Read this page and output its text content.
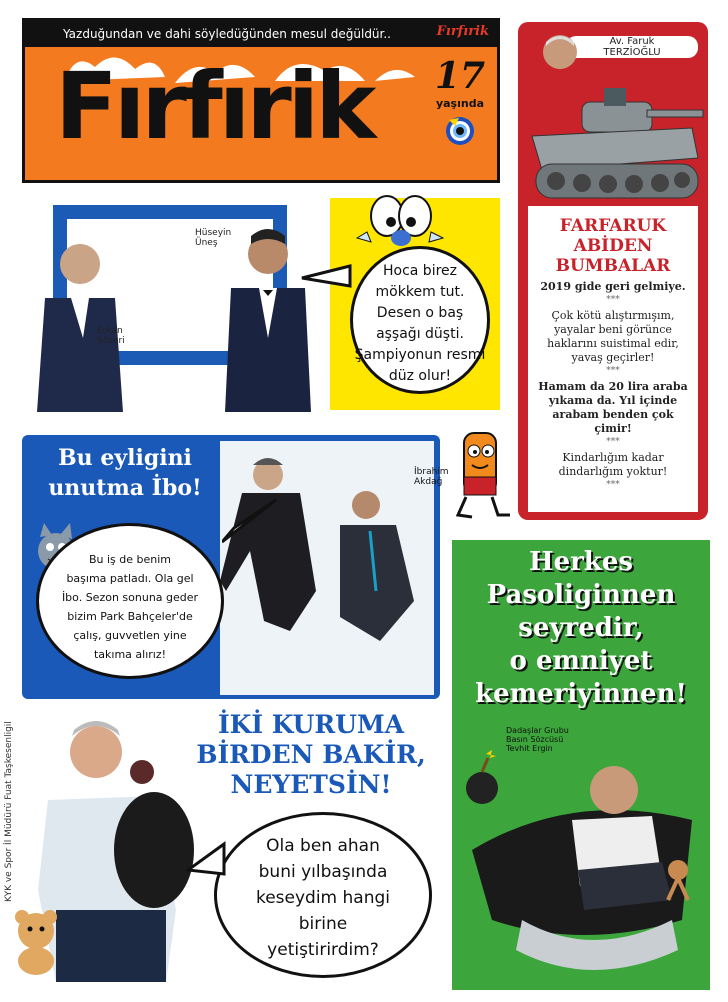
Yazduğundan ve dahi söyledüğünden mesul değüldür..	Fırfırik
Fırfırik 17
yaşında
Av. Faruk
TERZİOĞLU
FARFARUK ABİDEN BUMBALAR
2019 gide geri gelmiye.
***
Çok kötü alıştırmışım, yayalar beni görünce haklarını suistimal edir, yavaş geçirler!
***
Hamam da 20 lira araba yıkama da. Yıl içinde arabam benden çok çimir!
***
Kindarlığım kadar dindarlığım yoktur!
***
Erkan
Sözeri
Hüseyin
Üneş
Hoca birez
mökkem tut.
Desen o baş
aşşağı düşti.
Şampiyonun resmi
düz olur!
Bu eyligini
unutma İbo!
İbrahim
Akdağ
Bu iş de benim
başıma patladı. Ola gel
İbo. Sezon sonuna geder
bizim Park Bahçeler'de
çalış, guvvetlen yine
takıma alırız!
İKİ KURUMA
BİRDEN BAKİR,
NEYETSİN!
KYK ve Spor İl Müdürü Fuat Taşkesenligil	Ola ben ahan
buni yılbaşında
keseydim hangi
birine
yetiştirirdim?
Herkes
Pasoliginnen
seyredir,
o emniyet
kemeriyinnen!
Dadaşlar Grubu
Basın Sözcüsü
Tevhit Ergin
